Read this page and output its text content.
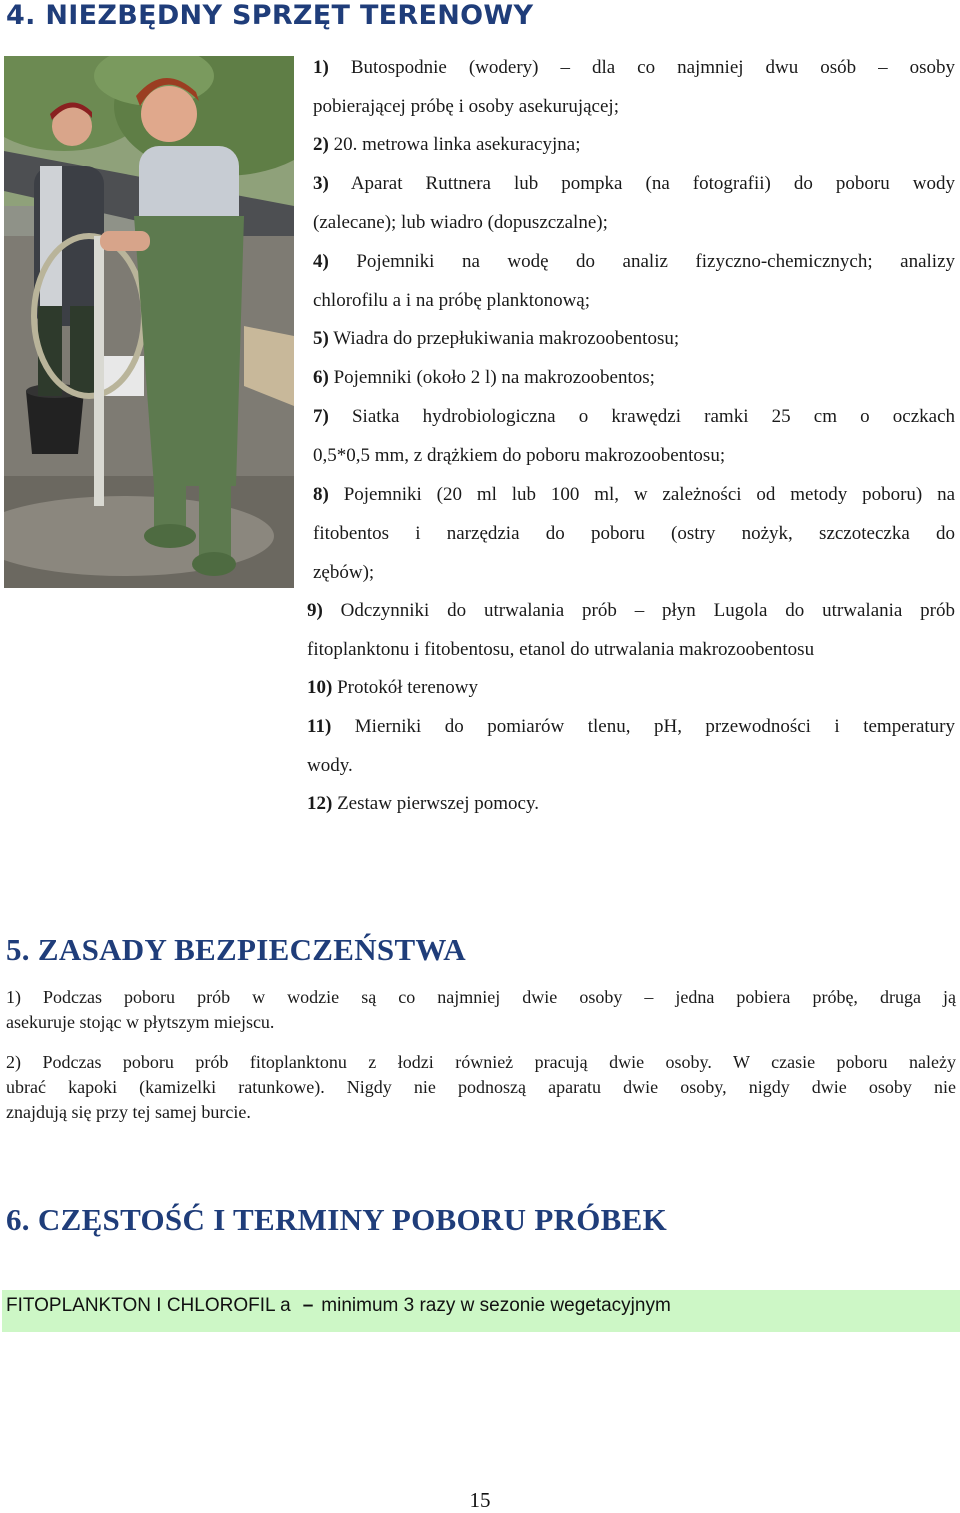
4. NIEZBĘDNY SPRZĘT TERENOWY
1) Butospodnie (wodery) – dla co najmniej dwu osób – osoby
pobierającej próbę i osoby asekurującej;
2) 20. metrowa linka asekuracyjna;
3) Aparat Ruttnera lub pompka (na fotografii) do poboru wody
(zalecane); lub wiadro (dopuszczalne);
4) Pojemniki na wodę do analiz fizyczno-chemicznych; analizy
chlorofilu a i na próbę planktonową;
5) Wiadra do przepłukiwania makrozoobentosu;
6) Pojemniki (około 2 l) na makrozoobentos;
7) Siatka hydrobiologiczna o krawędzi ramki 25 cm o oczkach
0,5*0,5 mm, z drążkiem do poboru makrozoobentosu;
8) Pojemniki (20 ml lub 100 ml, w zależności od metody poboru) na
fitobentos i narzędzia do poboru (ostry nożyk, szczoteczka do
zębów);
9) Odczynniki do utrwalania prób – płyn Lugola do utrwalania prób
fitoplanktonu i fitobentosu, etanol do utrwalania makrozoobentosu
10) Protokół terenowy
11) Mierniki do pomiarów tlenu, pH, przewodności i temperatury
wody.
12) Zestaw pierwszej pomocy.
5. ZASADY BEZPIECZEŃSTWA

1) Podczas poboru prób w wodzie są co najmniej dwie osoby – jedna pobiera próbę, druga ją
asekuruje stojąc w płytszym miejscu.

2) Podczas poboru prób fitoplanktonu z łodzi również pracują dwie osoby. W czasie poboru należy
ubrać kapoki (kamizelki ratunkowe). Nigdy nie podnoszą aparatu dwie osoby, nigdy dwie osoby nie
znajdują się przy tej samej burcie.

6. CZĘSTOŚĆ I TERMINY POBORU PRÓBEK
FITOPLANKTON I CHLOROFIL a – minimum 3 razy w sezonie wegetacyjnym
15
